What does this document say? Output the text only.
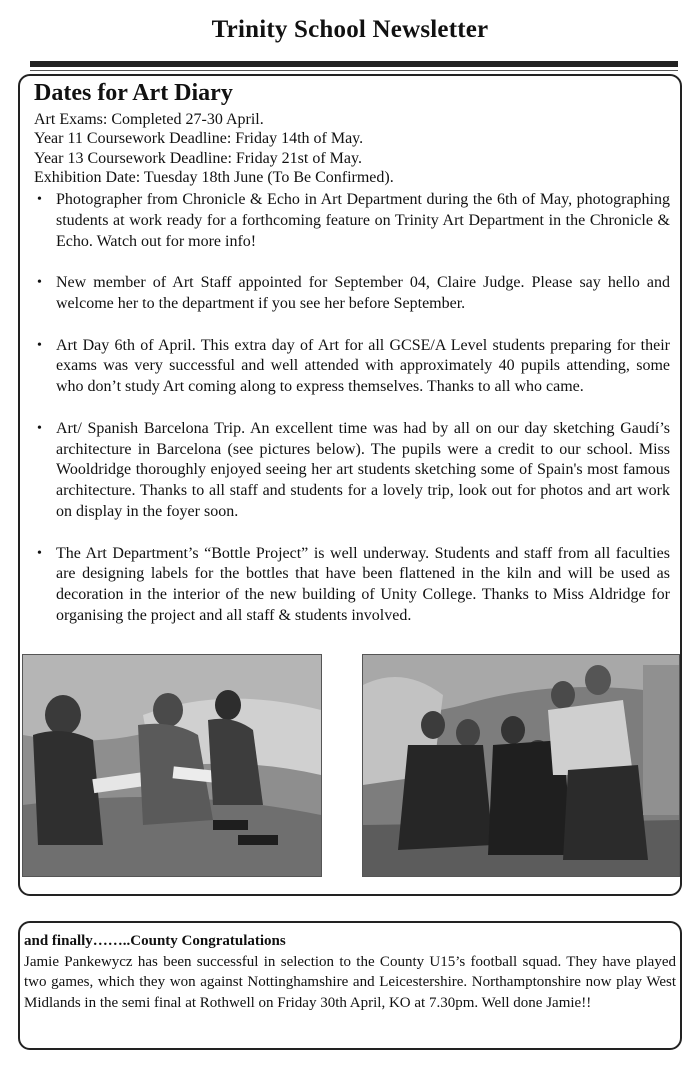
Trinity School Newsletter
Dates for Art Diary
Art Exams: Completed 27-30 April.
Year 11 Coursework Deadline: Friday 14th of May.
Year 13 Coursework Deadline: Friday 21st of May.
Exhibition Date: Tuesday 18th June (To Be Confirmed).
• Photographer from Chronicle & Echo in Art Department during the 6th of May, photographing students at work ready for a forthcoming feature on Trinity Art Department in the Chronicle & Echo. Watch out for more info!
• New member of Art Staff appointed for September 04, Claire Judge. Please say hello and welcome her to the department if you see her before September.
• Art Day 6th of April. This extra day of Art for all GCSE/A Level students preparing for their exams was very successful and well attended with approximately 40 pupils attending, some who don’t study Art coming along to express themselves. Thanks to all who came.
• Art/ Spanish Barcelona Trip. An excellent time was had by all on our day sketching Gaudí’s architecture in Barcelona (see pictures below). The pupils were a credit to our school. Miss Wooldridge thoroughly enjoyed seeing her art students sketching some of Spain's most famous architecture. Thanks to all staff and students for a lovely trip, look out for photos and art work on display in the foyer soon.
• The Art Department’s “Bottle Project” is well underway. Students and staff from all faculties are designing labels for the bottles that have been flattened in the kiln and will be used as decoration in the interior of the new building of Unity College. Thanks to Miss Aldridge for organising the project and all staff & students involved.
and finally……..County Congratulations
Jamie Pankewycz has been successful in selection to the County U15’s football squad. They have played two games, which they won against Nottinghamshire and Leicestershire. Northamptonshire now play West Midlands in the semi final at Rothwell on Friday 30th April, KO at 7.30pm. Well done Jamie!!
